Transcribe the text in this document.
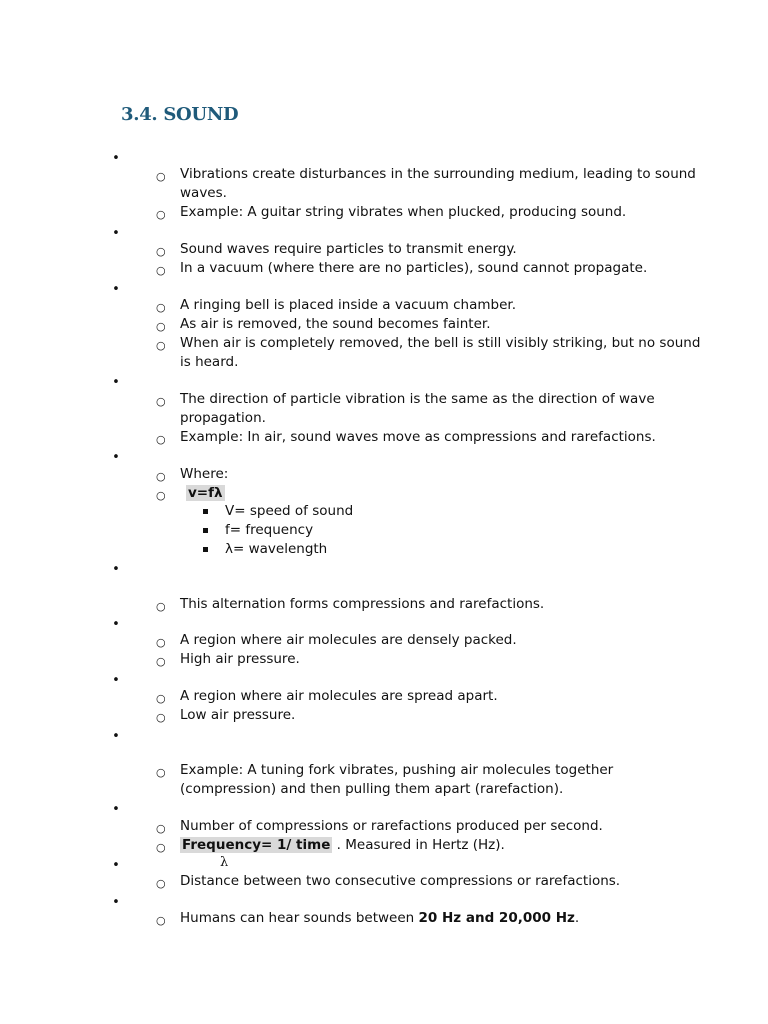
3.4. SOUND
•
•
•
•
•
•
•
•
•
•
•
•
○
○
○
○
○
○
○
○
○
○
○
○
○
○
○
○
○
○
○
○
○
Vibrations create disturbances in the surrounding medium, leading to sound
waves.
Example: A guitar string vibrates when plucked, producing sound.
Sound waves require particles to transmit energy.
In a vacuum (where there are no particles), sound cannot propagate.
A ringing bell is placed inside a vacuum chamber.
As air is removed, the sound becomes fainter.
When air is completely removed, the bell is still visibly striking, but no sound
is heard.
The direction of particle vibration is the same as the direction of wave
propagation.
Example: In air, sound waves move as compressions and rarefactions.
Where:
v=fλ
V= speed of sound
f= frequency
λ= wavelength
This alternation forms compressions and rarefactions.
A region where air molecules are densely packed.
High air pressure.
A region where air molecules are spread apart.
Low air pressure.
Example: A tuning fork vibrates, pushing air molecules together
(compression) and then pulling them apart (rarefaction).
Number of compressions or rarefactions produced per second.
Frequency= 1/ time . Measured in Hertz (Hz).
λ
Distance between two consecutive compressions or rarefactions.
Humans can hear sounds between 20 Hz and 20,000 Hz.
